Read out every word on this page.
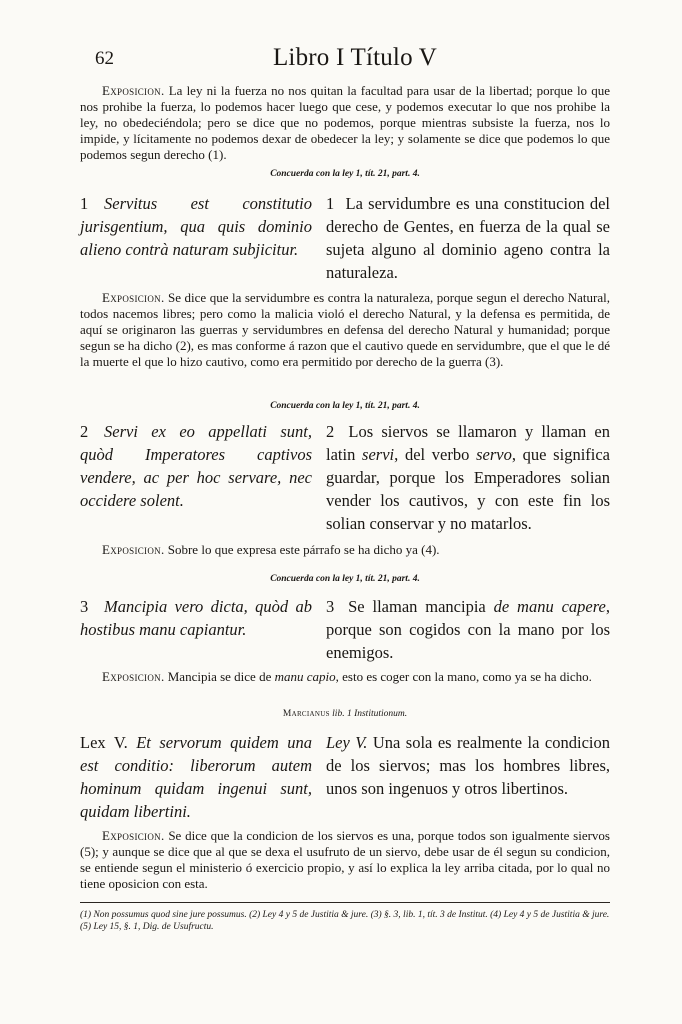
62	Libro I Título V

Exposicion. La ley ni la fuerza no nos quitan la facultad para usar de la libertad; porque lo que nos prohibe la fuerza, lo podemos hacer luego que cese, y podemos executar lo que nos prohibe la ley, no obedeciéndola; pero se dice que no podemos, porque mientras subsiste la fuerza, nos lo impide, y lícitamente no podemos dexar de obedecer la ley; y solamente se dice que podemos lo que podemos segun derecho (1).

Concuerda con la ley 1, tít. 21, part. 4.
1 Servitus est constitutio jurisgentium, qua quis dominio alieno contrà naturam subjicitur.
1 La servidumbre es una constitucion del derecho de Gentes, en fuerza de la qual se sujeta alguno al dominio ageno contra la naturaleza.

Exposicion. Se dice que la servidumbre es contra la naturaleza, porque segun el derecho Natural, todos nacemos libres; pero como la malicia violó el derecho Natural, y la defensa es permitida, de aquí se originaron las guerras y servidumbres en defensa del derecho Natural y humanidad; porque segun se ha dicho (2), es mas conforme á razon que el cautivo quede en servidumbre, que el que le dé la muerte el que lo hizo cautivo, como era permitido por derecho de la guerra (3).

Concuerda con la ley 1, tít. 21, part. 4.
2 Servi ex eo appellati sunt, quòd Imperatores captivos vendere, ac per hoc servare, nec occidere solent.
2 Los siervos se llamaron y llaman en latin servi, del verbo servo, que significa guardar, porque los Emperadores solian vender los cautivos, y con este fin los solian conservar y no matarlos.

Exposicion. Sobre lo que expresa este párrafo se ha dicho ya (4).

Concuerda con la ley 1, tít. 21, part. 4.
3 Mancipia vero dicta, quòd ab hostibus manu capiantur.
3 Se llaman mancipia de manu capere, porque son cogidos con la mano por los enemigos.

Exposicion. Mancipia se dice de manu capio, esto es coger con la mano, como ya se ha dicho.

Marcianus lib. 1 Institutionum.
Lex V. Et servorum quidem una est conditio: liberorum autem hominum quidam ingenui sunt, quidam libertini.
Ley V. Una sola es realmente la condicion de los siervos; mas los hombres libres, unos son ingenuos y otros libertinos.

Exposicion. Se dice que la condicion de los siervos es una, porque todos son igualmente siervos (5); y aunque se dice que al que se dexa el usufruto de un siervo, debe usar de él segun su condicion, se entiende segun el ministerio ó exercicio propio, y así lo explica la ley arriba citada, por lo qual no tiene oposicion con esta.

(1) Non possumus quod sine jure possumus. (2) Ley 4 y 5 de Justitia & jure. (3) §. 3, lib. 1, tít. 3 de Institut. (4) Ley 4 y 5 de Justitia & jure. (5) Ley 15, §. 1, Dig. de Usufructu.
